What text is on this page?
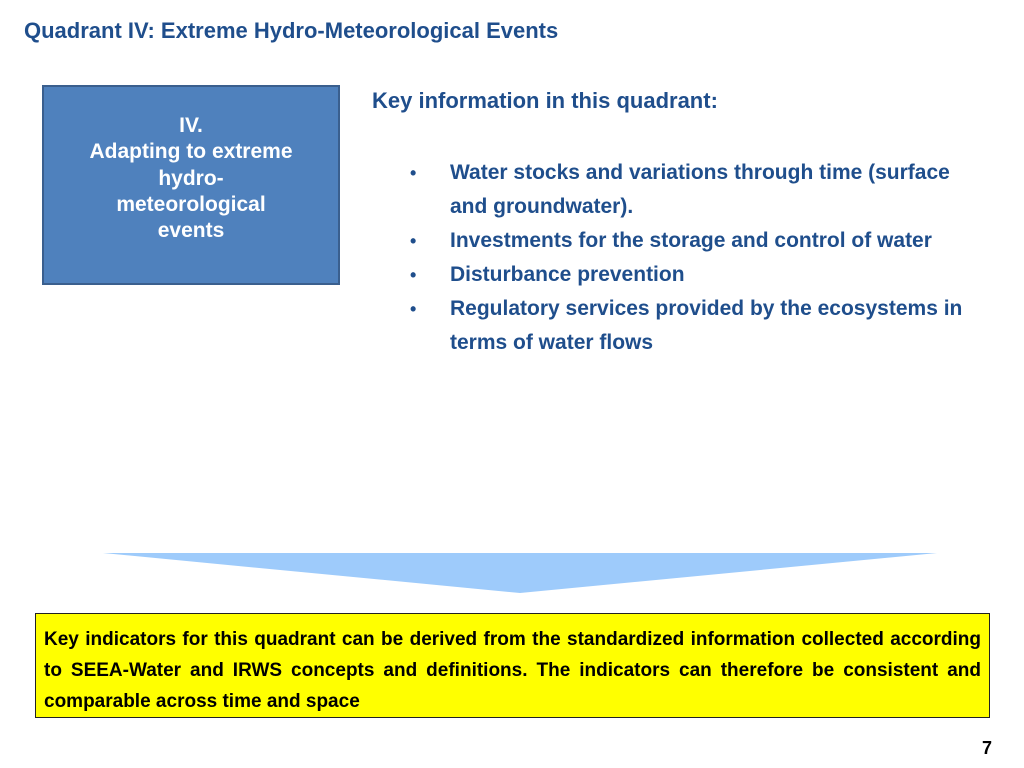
Quadrant IV: Extreme Hydro-Meteorological Events
IV.
Adapting to extreme
hydro-
meteorological
events
Key information in this quadrant:
• Water stocks and variations through time (surface and groundwater).
• Investments for the storage and control of water
• Disturbance prevention
• Regulatory services provided by the ecosystems in terms of water flows
Key indicators for this quadrant can be derived from the standardized information collected according to SEEA-Water and IRWS concepts and definitions. The indicators can therefore be consistent and comparable across time and space
7
